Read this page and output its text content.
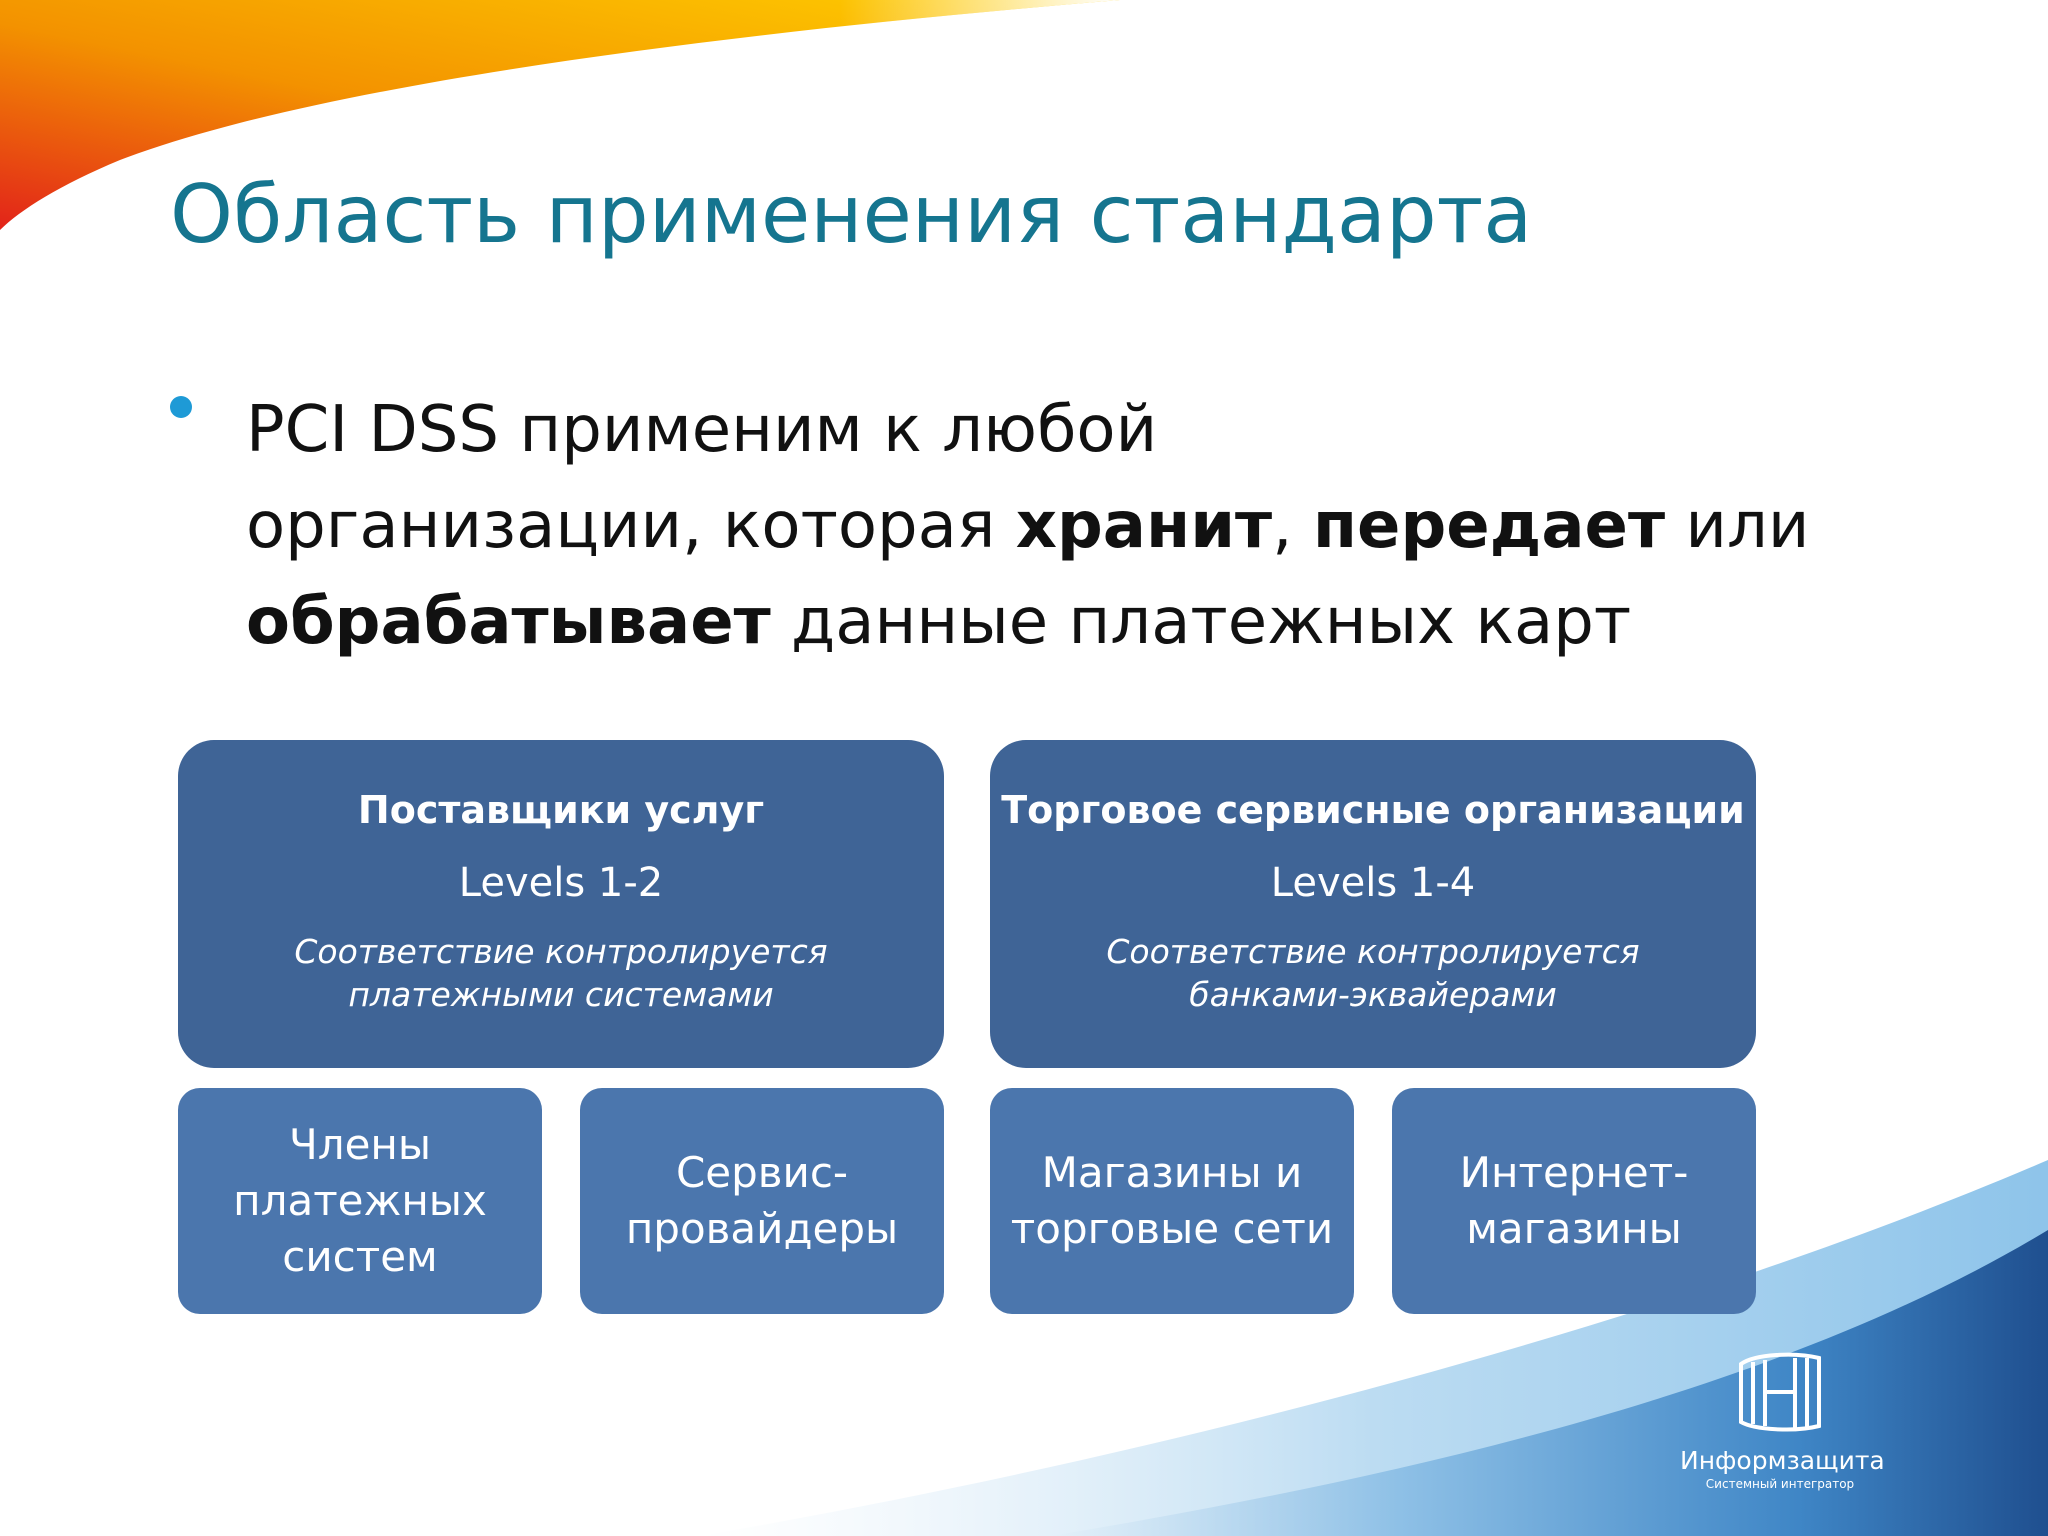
Область применения стандарта

PCI DSS применим к любой
организации, которая хранит, передает или
обрабатывает данные платежных карт

Поставщики услуг
Levels 1-2
Соответствие контролируется
платежными системами
Торговое сервисные организации
Levels 1-4
Соответствие контролируется
банками-эквайерами
Члены
платежных
систем
Сервис-
провайдеры
Магазины и
торговые сети
Интернет-
магазины
Информзащита
Системный интегратор
